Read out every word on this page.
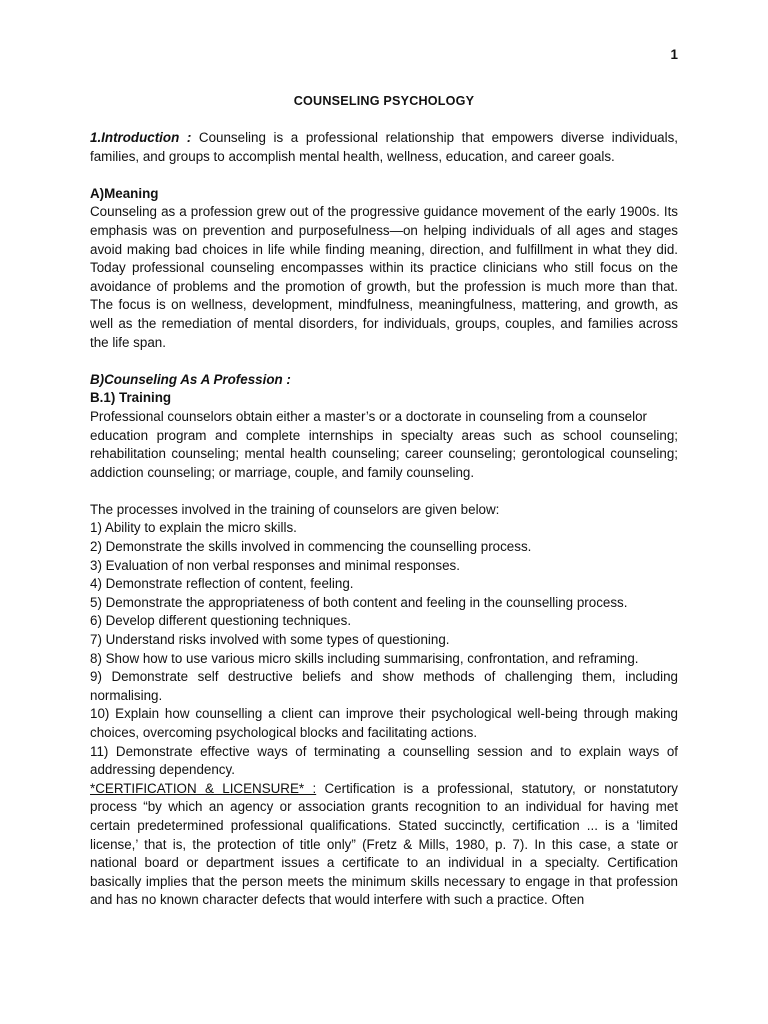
1
COUNSELING PSYCHOLOGY

1.Introduction : Counseling is a professional relationship that empowers diverse individuals, families, and groups to accomplish mental health, wellness, education, and career goals.

A)Meaning

Counseling as a profession grew out of the progressive guidance movement of the early 1900s. Its emphasis was on prevention and purposefulness—on helping individuals of all ages and stages avoid making bad choices in life while finding meaning, direction, and fulfillment in what they did. Today professional counseling encompasses within its practice clinicians who still focus on the avoidance of problems and the promotion of growth, but the profession is much more than that. The focus is on wellness, development, mindfulness, meaningfulness, mattering, and growth, as well as the remediation of mental disorders, for individuals, groups, couples, and families across the life span.

B)Counseling As A Profession :

B.1) Training

Professional counselors obtain either a master’s or a doctorate in counseling from a counselor

education program and complete internships in specialty areas such as school counseling; rehabilitation counseling; mental health counseling; career counseling; gerontological counseling; addiction counseling; or marriage, couple, and family counseling.

The processes involved in the training of counselors are given below:

1) Ability to explain the micro skills.

2) Demonstrate the skills involved in commencing the counselling process.

3) Evaluation of non verbal responses and minimal responses.

4) Demonstrate reflection of content, feeling.

5) Demonstrate the appropriateness of both content and feeling in the counselling process.

6) Develop different questioning techniques.

7) Understand risks involved with some types of questioning.

8) Show how to use various micro skills including summarising, confrontation, and reframing.

9) Demonstrate self destructive beliefs and show methods of challenging them, including normalising.

10) Explain how counselling a client can improve their psychological well-being through making choices, overcoming psychological blocks and facilitating actions.

11) Demonstrate effective ways of terminating a counselling session and to explain ways of addressing dependency.

*CERTIFICATION & LICENSURE* : Certification is a professional, statutory, or nonstatutory process “by which an agency or association grants recognition to an individual for having met certain predetermined professional qualifications. Stated succinctly, certification ... is a ‘limited license,’ that is, the protection of title only” (Fretz & Mills, 1980, p. 7). In this case, a state or national board or department issues a certificate to an individual in a specialty. Certification basically implies that the person meets the minimum skills necessary to engage in that profession and has no known character defects that would interfere with such a practice. Often
